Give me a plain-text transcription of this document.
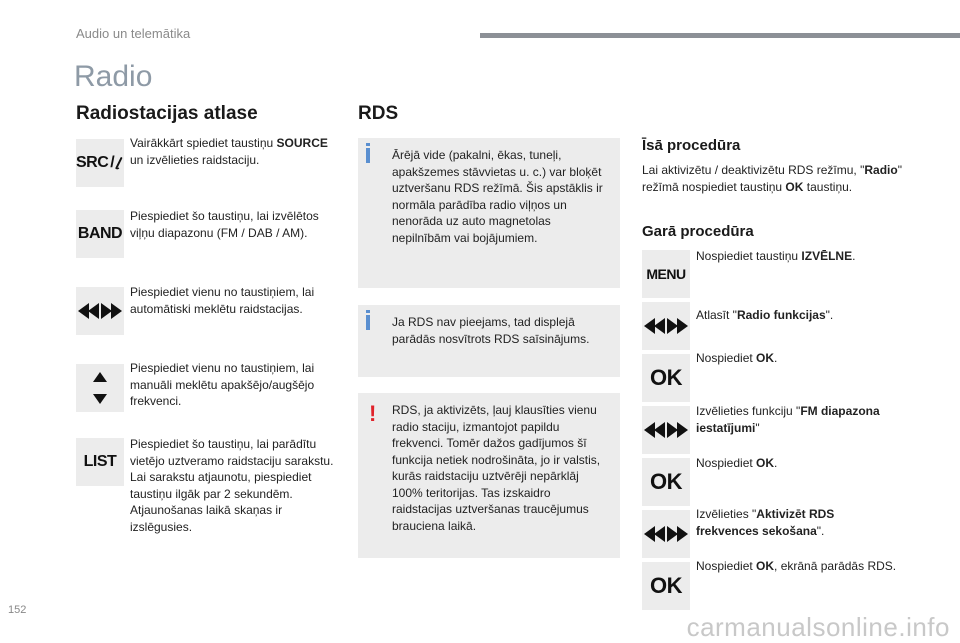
Audio un telemātika
Radio
Radiostacijas atlase
SRC /
Vairākkārt spiediet taustiņu SOURCE un izvēlieties raidstaciju.
BAND
Piespiediet šo taustiņu, lai izvēlētos viļņu diapazonu (FM / DAB / AM).
Piespiediet vienu no taustiņiem, lai automātiski meklētu raidstacijas.
Piespiediet vienu no taustiņiem, lai manuāli meklētu apakšējo/augšējo frekvenci.
LIST
Piespiediet šo taustiņu, lai parādītu vietējo uztveramo raidstaciju sarakstu.
Lai sarakstu atjaunotu, piespiediet taustiņu ilgāk par 2 sekundēm. Atjaunošanas laikā skaņas ir izslēgusies.
RDS
Ārējā vide (pakalni, ēkas, tuneļi, apakšzemes stāvvietas u. c.) var bloķēt uztveršanu RDS režīmā. Šis apstāklis ir normāla parādība radio viļņos un nenorāda uz auto magnetolas nepilnībām vai bojājumiem.
Ja RDS nav pieejams, tad displejā parādās nosvītrots RDS saīsinājums.
! RDS, ja aktivizēts, ļauj klausīties vienu radio staciju, izmantojot papildu frekvenci. Tomēr dažos gadījumos šī funkcija netiek nodrošināta, jo ir valstis, kurās raidstaciju uztvērēji nepārklāj 100% teritorijas. Tas izskaidro raidstacijas uztveršanas traucējumus brauciena laikā.
Īsā procedūra
Lai aktivizētu / deaktivizētu RDS režīmu, "Radio" režīmā nospiediet taustiņu OK taustiņu.
Garā procedūra
MENU
Nospiediet taustiņu IZVĒLNE.
Atlasīt "Radio funkcijas".
OK
Nospiediet OK.
Izvēlieties funkciju "FM diapazona iestatījumi"
OK
Nospiediet OK.
Izvēlieties "Aktivizēt RDS frekvences sekošana".
OK
Nospiediet OK, ekrānā parādās RDS.
152
carmanualsonline.info
